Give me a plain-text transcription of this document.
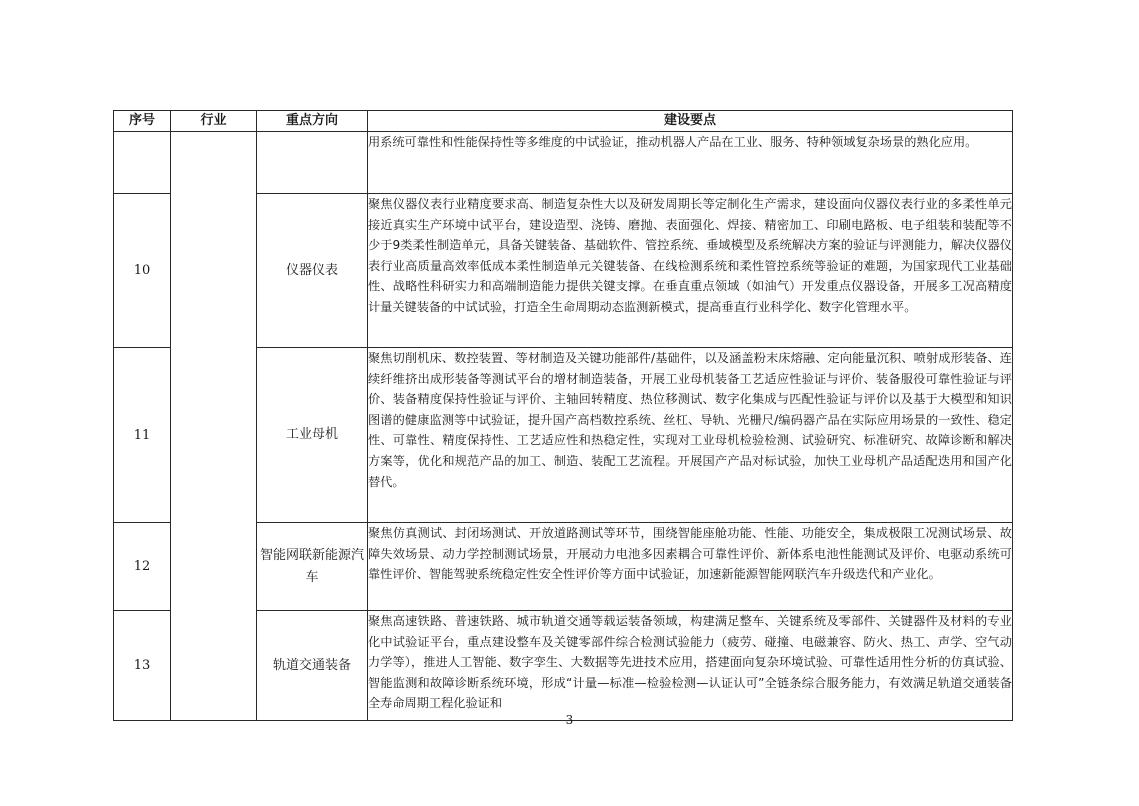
序号	行业	重点方向	建设要点
			用系统可靠性和性能保持性等多维度的中试验证，推动机器人产品在工业、服务、特种领域复杂场景的熟化应用。
10		仪器仪表	聚焦仪器仪表行业精度要求高、制造复杂性大以及研发周期长等定制化生产需求，建设面向仪器仪表行业的多柔性单元接近真实生产环境中试平台，建设造型、浇铸、磨抛、表面强化、焊接、精密加工、印刷电路板、电子组装和装配等不少于9类柔性制造单元，具备关键装备、基础软件、管控系统、垂域模型及系统解决方案的验证与评测能力，解决仪器仪表行业高质量高效率低成本柔性制造单元关键装备、在线检测系统和柔性管控系统等验证的难题，为国家现代工业基础性、战略性科研实力和高端制造能力提供关键支撑。在垂直重点领域（如油气）开发重点仪器设备，开展多工况高精度计量关键装备的中试试验，打造全生命周期动态监测新模式，提高垂直行业科学化、数字化管理水平。
11		工业母机	聚焦切削机床、数控装置、等材制造及关键功能部件/基础件，以及涵盖粉末床熔融、定向能量沉积、喷射成形装备、连续纤维挤出成形装备等测试平台的增材制造装备，开展工业母机装备工艺适应性验证与评价、装备服役可靠性验证与评价、装备精度保持性验证与评价、主轴回转精度、热位移测试、数字化集成与匹配性验证与评价以及基于大模型和知识图谱的健康监测等中试验证，提升国产高档数控系统、丝杠、导轨、光栅尺/编码器产品在实际应用场景的一致性、稳定性、可靠性、精度保持性、工艺适应性和热稳定性，实现对工业母机检验检测、试验研究、标准研究、故障诊断和解决方案等，优化和规范产品的加工、制造、装配工艺流程。开展国产产品对标试验，加快工业母机产品适配迭用和国产化替代。
12		智能网联新能源汽车	聚焦仿真测试、封闭场测试、开放道路测试等环节，围绕智能座舱功能、性能、功能安全，集成极限工况测试场景、故障失效场景、动力学控制测试场景，开展动力电池多因素耦合可靠性评价、新体系电池性能测试及评价、电驱动系统可靠性评价、智能驾驶系统稳定性安全性评价等方面中试验证，加速新能源智能网联汽车升级迭代和产业化。
13		轨道交通装备	聚焦高速铁路、普速铁路、城市轨道交通等载运装备领域，构建满足整车、关键系统及零部件、关键器件及材料的专业化中试验证平台，重点建设整车及关键零部件综合检测试验能力（疲劳、碰撞、电磁兼容、防火、热工、声学、空气动力学等），推进人工智能、数字孪生、大数据等先进技术应用，搭建面向复杂环境试验、可靠性适用性分析的仿真试验、智能监测和故障诊断系统环境，形成“计量—标准—检验检测—认证认可”全链条综合服务能力，有效满足轨道交通装备全寿命周期工程化验证和
3
